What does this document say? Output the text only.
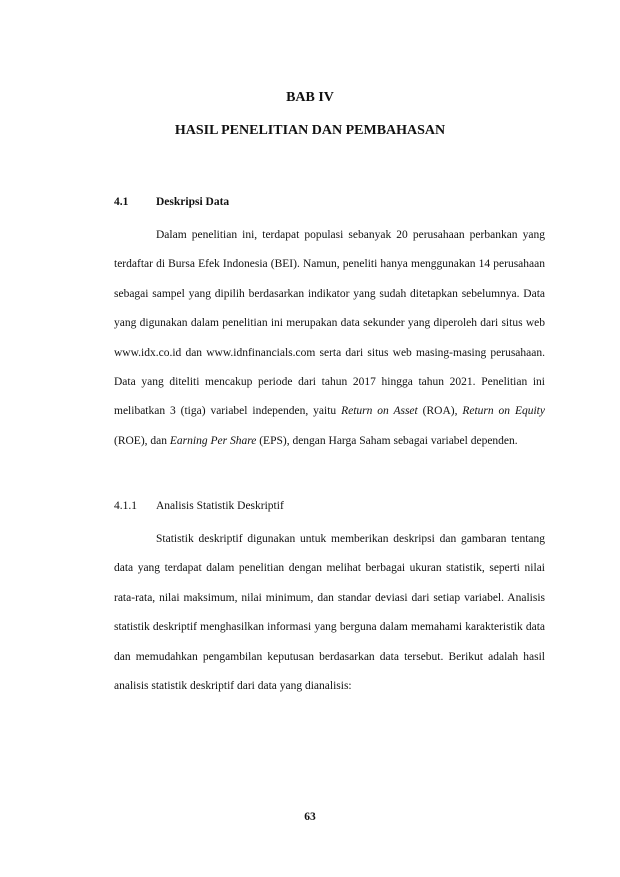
BAB IV
HASIL PENELITIAN DAN PEMBAHASAN
4.1 Deskripsi Data
Dalam penelitian ini, terdapat populasi sebanyak 20 perusahaan perbankan yang terdaftar di Bursa Efek Indonesia (BEI). Namun, peneliti hanya menggunakan 14 perusahaan sebagai sampel yang dipilih berdasarkan indikator yang sudah ditetapkan sebelumnya. Data yang digunakan dalam penelitian ini merupakan data sekunder yang diperoleh dari situs web www.idx.co.id dan www.idnfinancials.com serta dari situs web masing-masing perusahaan. Data yang diteliti mencakup periode dari tahun 2017 hingga tahun 2021. Penelitian ini melibatkan 3 (tiga) variabel independen, yaitu Return on Asset (ROA), Return on Equity (ROE), dan Earning Per Share (EPS), dengan Harga Saham sebagai variabel dependen.
4.1.1 Analisis Statistik Deskriptif
Statistik deskriptif digunakan untuk memberikan deskripsi dan gambaran tentang data yang terdapat dalam penelitian dengan melihat berbagai ukuran statistik, seperti nilai rata-rata, nilai maksimum, nilai minimum, dan standar deviasi dari setiap variabel. Analisis statistik deskriptif menghasilkan informasi yang berguna dalam memahami karakteristik data dan memudahkan pengambilan keputusan berdasarkan data tersebut. Berikut adalah hasil analisis statistik deskriptif dari data yang dianalisis:
63
